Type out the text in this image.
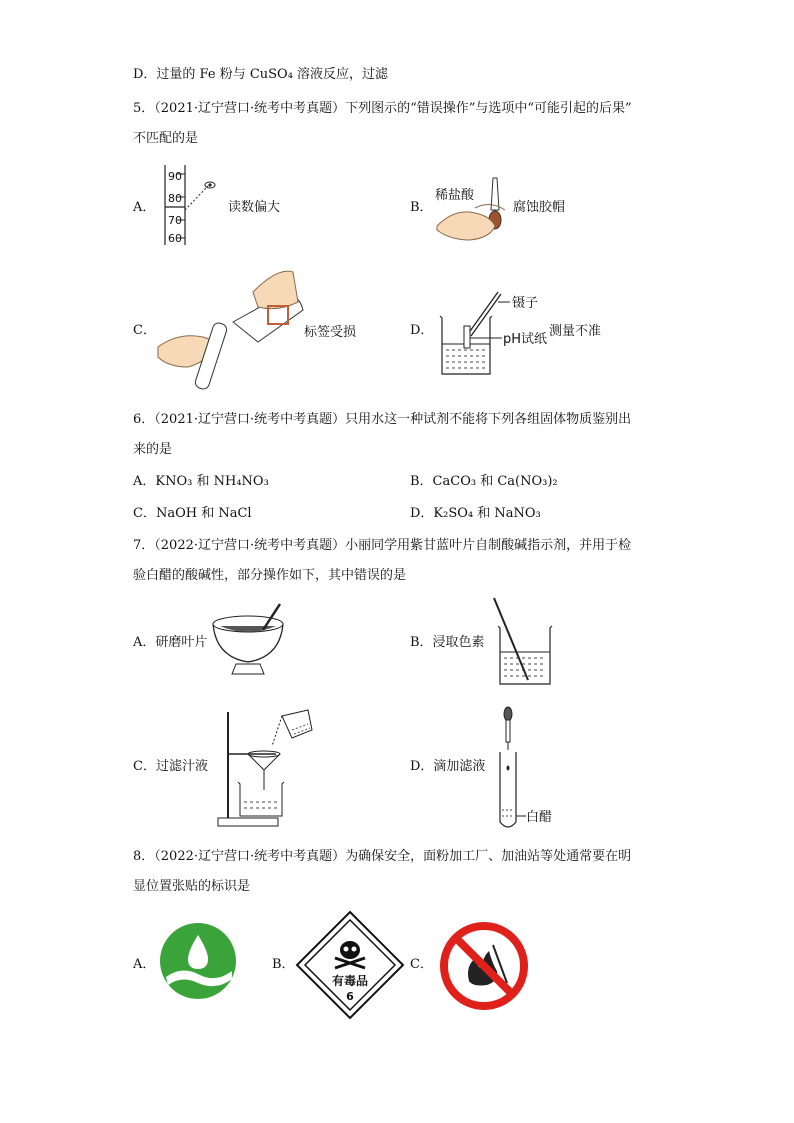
D．过量的 Fe 粉与 CuSO₄ 溶液反应，过滤
5．（2021·辽宁营口·统考中考真题）下列图示的“错误操作”与选项中“可能引起的后果”
不匹配的是
A．
90
80
70
60
读数偏大	B．
稀盐酸
腐蚀胶帽
C．	标签受损	D．
镊子
pH试纸
测量不准
6．（2021·辽宁营口·统考中考真题）只用水这一种试剂不能将下列各组固体物质鉴别出
来的是
A．KNO₃ 和 NH₄NO₃	B．CaCO₃ 和 Ca(NO₃)₂
C．NaOH 和 NaCl	D．K₂SO₄ 和 NaNO₃
7．（2022·辽宁营口·统考中考真题）小丽同学用紫甘蓝叶片自制酸碱指示剂，并用于检
验白醋的酸碱性，部分操作如下，其中错误的是
A．研磨叶片	B．浸取色素
C．过滤汁液	D．滴加滤液
白醋
8．（2022·辽宁营口·统考中考真题）为确保安全，面粉加工厂、加油站等处通常要在明
显位置张贴的标识是
A．	B．
有毒品
6
C．
